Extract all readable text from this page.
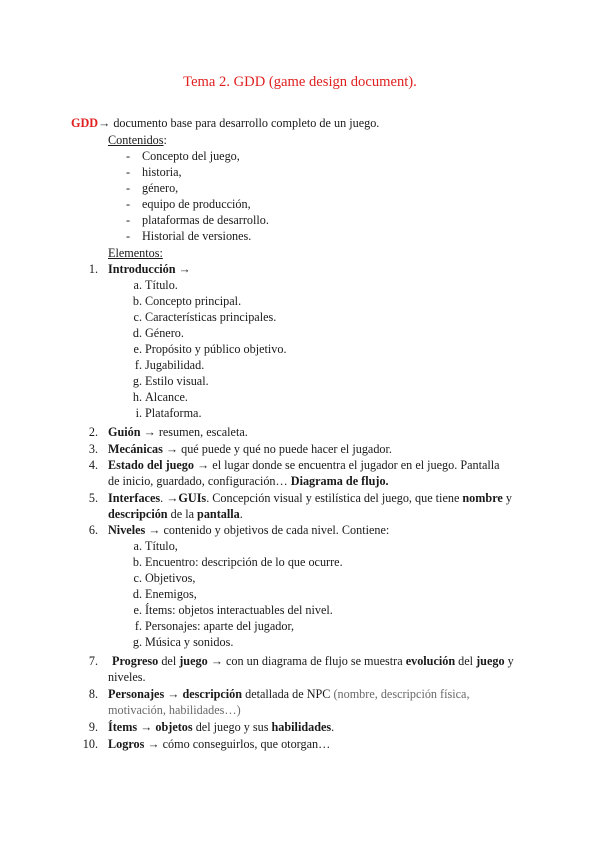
Tema 2. GDD (game design document).
GDD→ documento base para desarrollo completo de un juego.
Contenidos:
- Concepto del juego,
- historia,
- género,
- equipo de producción,
- plataformas de desarrollo.
- Historial de versiones.
Elementos:
1. Introducción →
a. Título.
b. Concepto principal.
c. Características principales.
d. Género.
e. Propósito y público objetivo.
f. Jugabilidad.
g. Estilo visual.
h. Alcance.
i. Plataforma.
2. Guión → resumen, escaleta.
3. Mecánicas → qué puede y qué no puede hacer el jugador.
4. Estado del juego → el lugar donde se encuentra el jugador en el juego. Pantalla
de inicio, guardado, configuración… Diagrama de flujo.
5. Interfaces. →GUIs. Concepción visual y estilística del juego, que tiene nombre y
descripción de la pantalla.
6. Niveles → contenido y objetivos de cada nivel. Contiene:
a. Título,
b. Encuentro: descripción de lo que ocurre.
c. Objetivos,
d. Enemigos,
e. Ítems: objetos interactuables del nivel.
f. Personajes: aparte del jugador,
g. Música y sonidos.
7. Progreso del juego → con un diagrama de flujo se muestra evolución del juego y
niveles.
8. Personajes → descripción detallada de NPC (nombre, descripción física,
motivación, habilidades…)
9. Ítems → objetos del juego y sus habilidades.
10. Logros → cómo conseguirlos, que otorgan…
